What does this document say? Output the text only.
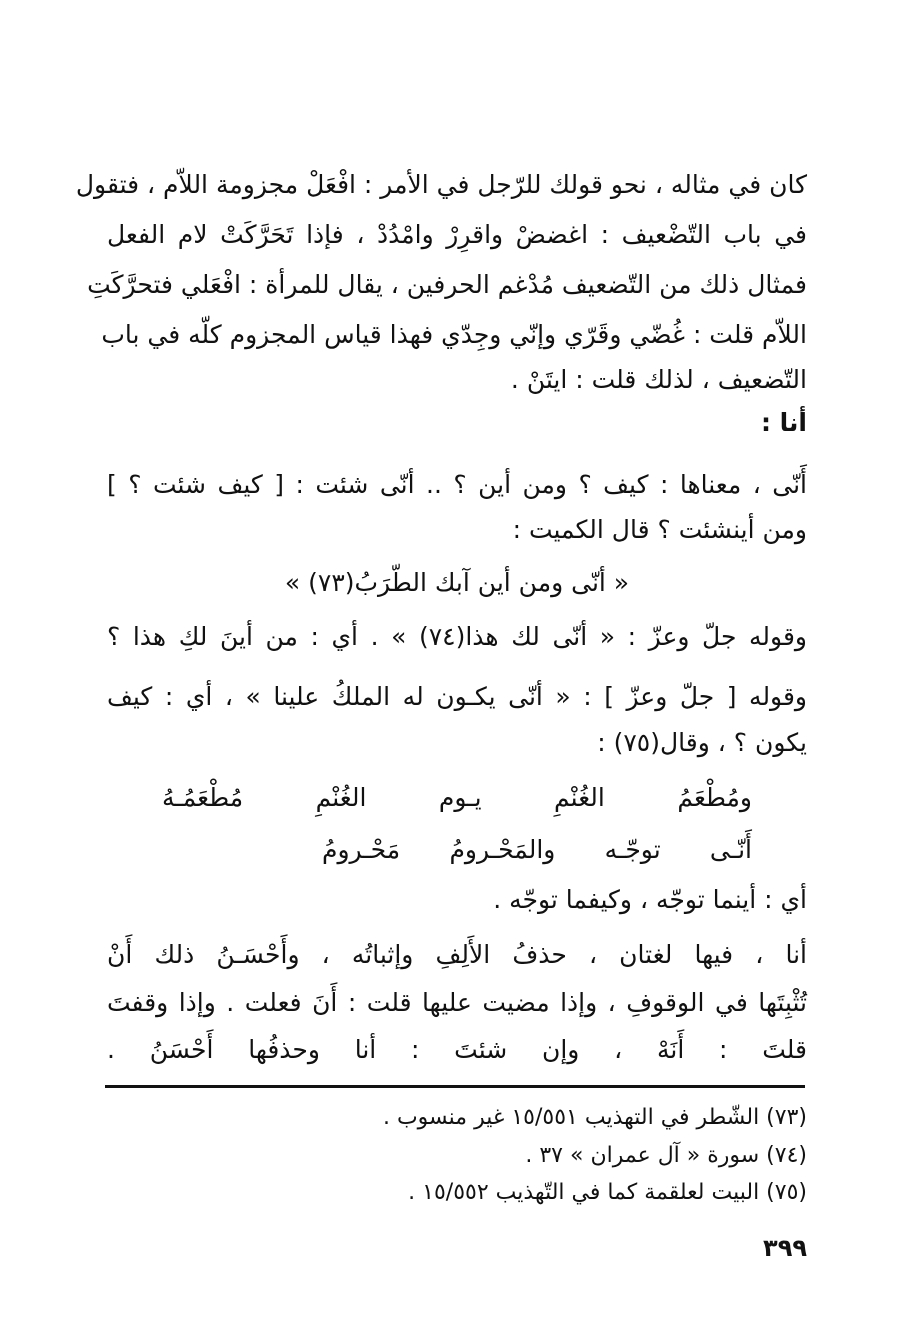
كان في مثاله ، نحو قولك للرّجل في الأمر : افْعَلْ مجزومة اللاّم ، فتقول
في باب التّضْعيف : اغضضْ واقرِرْ وامْدُدْ ، فإذا تَحَرَّكَتْ لام الفعل
فمثال ذلك من التّضعيف مُدْغم الحرفين ، يقال للمرأة : افْعَلي فتحرَّكَتِ
اللاّم قلت : غُضّي وقَرّي وإنّي وجِدّي فهذا قياس المجزوم كلّه في باب
التّضعيف ، لذلك قلت : ايتَنْ .
أنا :
أَنّى ، معناها : كيف ؟ ومن أين ؟ .. أنّى شئت : [ كيف شئت ؟ ]
ومن أينشئت ؟ قال الكميت :
« أنّى ومن أين آبك الطّرَبُ(٧٣) »
وقوله جلّ وعزّ : « أنّى لك هذا(٧٤) » . أي : من أينَ لكِ هذا ؟
وقوله [ جلّ وعزّ ] : « أنّى يكـون له الملكُ علينا » ، أي : كيف
يكون ؟ ، وقال(٧٥) :
ومُطْعَمُ الغُنْمِ يـوم الغُنْمِ مُطْعَمُـهُ
أَنّـى توجّـه والمَحْـرومُ مَحْـرومُ
أي : أينما توجّه ، وكيفما توجّه .
أنا ، فيها لغتان ، حذفُ الأَلِفِ وإثباتُه ، وأَحْسَـنُ ذلك أَنْ
تُثْبِتَها في الوقوفِ ، وإذا مضيت عليها قلت : أَنَ فعلت . وإذا وقفتَ
قلتَ : أَنَهْ ، وإن شئتَ : أنا وحذفُها أَحْسَنُ .
(٧٣) الشّطر في التهذيب ١٥/٥٥١ غير منسوب .
(٧٤) سورة « آل عمران » ٣٧ .
(٧٥) البيت لعلقمة كما في التّهذيب ١٥/٥٥٢ .
٣٩٩
